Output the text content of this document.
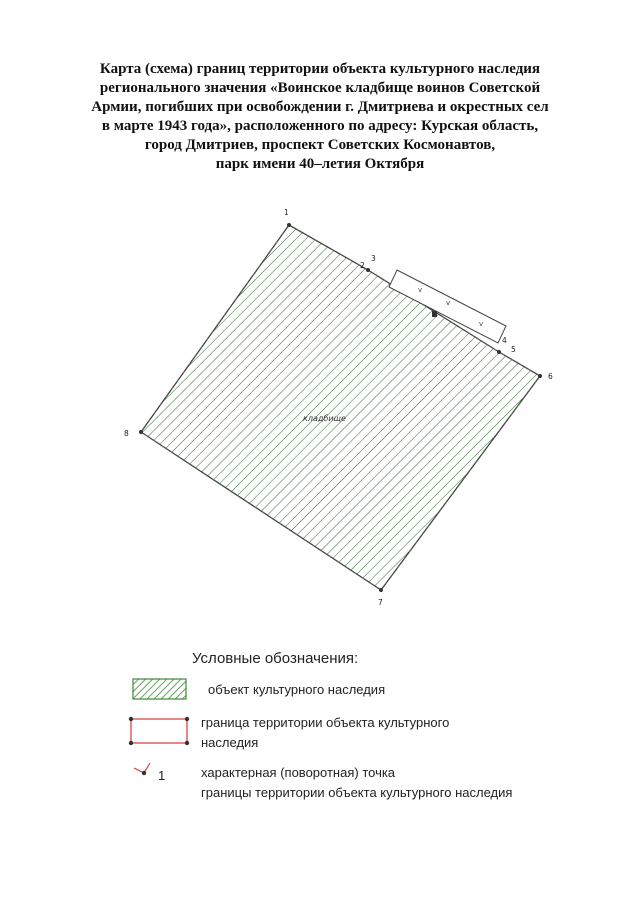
Карта (схема) границ территории объекта культурного наследия
регионального значения «Воинское кладбище воинов Советской
Армии, погибших при освобождении г. Дмитриева и окрестных сел
в марте 1943 года», расположенного по адресу: Курская область,
город Дмитриев, проспект Советских Космонавтов,
парк имени 40–летия Октября
v
v
v
кладбище
1
2
3
4
5
6
7
8
Условные обозначения:
объект культурного наследия
граница территории объекта культурного
наследия
1	характерная (поворотная) точка
границы территории объекта культурного наследия
